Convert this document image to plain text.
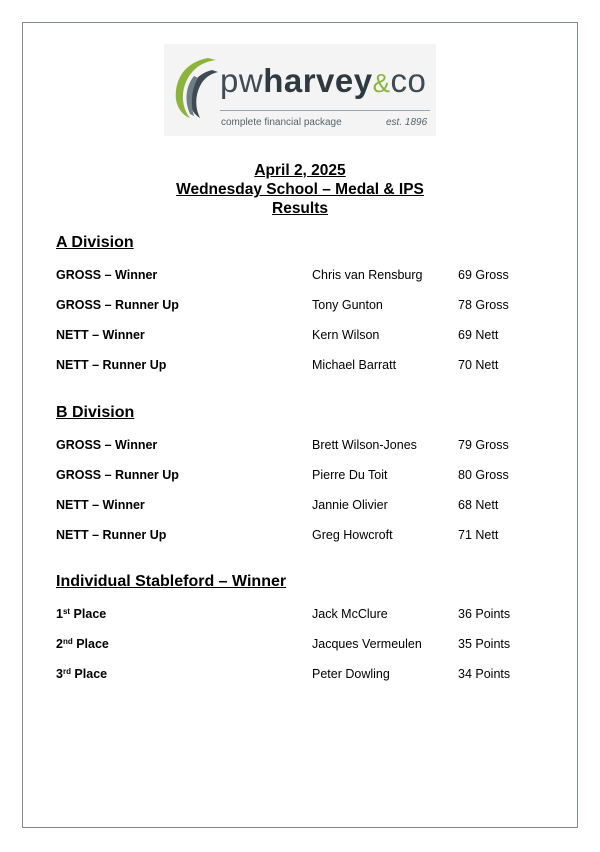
pwharvey&co
complete financial package	est. 1896
April 2, 2025
Wednesday School – Medal & IPS
Results
A Division
GROSS – Winner	Chris van Rensburg	69 Gross
GROSS – Runner Up	Tony Gunton	78 Gross
NETT – Winner	Kern Wilson	69 Nett
NETT – Runner Up	Michael Barratt	70 Nett
B Division
GROSS – Winner	Brett Wilson-Jones	79 Gross
GROSS – Runner Up	Pierre Du Toit	80 Gross
NETT – Winner	Jannie Olivier	68 Nett
NETT – Runner Up	Greg Howcroft	71 Nett
Individual Stableford – Winner
1st Place	Jack McClure	36 Points
2nd Place	Jacques Vermeulen	35 Points
3rd Place	Peter Dowling	34 Points
